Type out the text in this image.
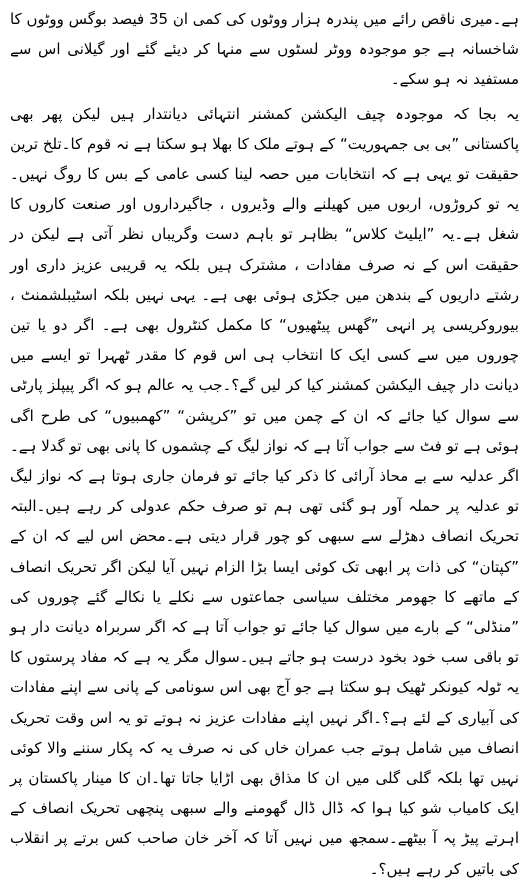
ہے۔میری ناقص رائے میں پندرہ ہزار ووٹوں کی کمی ان 35 فیصد بوگس ووٹوں کا شاخسانہ ہے جو موجودہ ووٹر لسٹوں سے منہا کر دیئے گئے اور گیلانی اس سے مستفید نہ ہو سکے۔

یہ بجا کہ موجودہ چیف الیکشن کمشنر انتہائی دیانتدار ہیں لیکن پھر بھی پاکستانی ”بی بی جمہوریت“ کے ہوتے ملک کا بھلا ہو سکتا ہے نہ قوم کا۔تلخ ترین حقیقت تو یہی ہے کہ انتخابات میں حصہ لینا کسی عامی کے بس کا روگ نہیں۔ یہ تو کروڑوں، اربوں میں کھیلنے والے وڈیروں ، جاگیرداروں اور صنعت کاروں کا شغل ہے۔یہ ”ایلیٹ کلاس“ بظاہر تو باہم دست وگریباں نظر آتی ہے لیکن در حقیقت اس کے نہ صرف مفادات ، مشترک ہیں بلکہ یہ قریبی عزیز داری اور رشتے داریوں کے بندھن میں جکڑی ہوئی بھی ہے۔ یہی نہیں بلکہ اسٹیبلشمنٹ ، بیوروکریسی پر انہی ”گھس پیٹھیوں“ کا مکمل کنٹرول بھی ہے۔ اگر دو یا تین چوروں میں سے کسی ایک کا انتخاب ہی اس قوم کا مقدر ٹھہرا تو ایسے میں دیانت دار چیف الیکشن کمشنر کیا کر لیں گے؟۔جب یہ عالم ہو کہ اگر پیپلز پارٹی سے سوال کیا جائے کہ ان کے چمن میں تو ”کرپشن“ ”کھمبیوں“ کی طرح اگی ہوئی ہے تو فٹ سے جواب آتا ہے کہ نواز لیگ کے چشموں کا پانی بھی تو گدلا ہے۔اگر عدلیہ سے بے محاذ آرائی کا ذکر کیا جائے تو فرمان جاری ہوتا ہے کہ نواز لیگ تو عدلیہ پر حملہ آور ہو گئی تھی ہم تو صرف حکم عدولی کر رہے ہیں۔البتہ تحریک انصاف دھڑلے سے سبھی کو چور قرار دیتی ہے۔محض اس لیے کہ ان کے ”کپتان“ کی ذات پر ابھی تک کوئی ایسا بڑا الزام نہیں آیا لیکن اگر تحریک انصاف کے ماتھے کا جھومر مختلف سیاسی جماعتوں سے نکلے یا نکالے گئے چوروں کی ”منڈلی“ کے بارے میں سوال کیا جائے تو جواب آتا ہے کہ اگر سربراہ دیانت دار ہو تو باقی سب خود بخود درست ہو جاتے ہیں۔سوال مگر یہ ہے کہ مفاد پرستوں کا یہ ٹولہ کیونکر ٹھیک ہو سکتا ہے جو آج بھی اس سونامی کے پانی سے اپنے مفادات کی آبیاری کے لئے ہے؟۔اگر نہیں اپنے مفادات عزیز نہ ہوتے تو یہ اس وقت تحریک انصاف میں شامل ہوتے جب عمران خاں کی نہ صرف یہ کہ پکار سننے والا کوئی نہیں تھا بلکہ گلی گلی میں ان کا مذاق بھی اڑایا جاتا تھا۔ان کا مینار پاکستان پر ایک کامیاب شو کیا ہوا کہ ڈال ڈال گھومنے والے سبھی پنچھی تحریک انصاف کے اہرتے پیڑ پہ آ بیٹھے۔سمجھ میں نہیں آتا کہ آخر خان صاحب کس برتے پر انقلاب کی باتیں کر رہے ہیں؟۔
